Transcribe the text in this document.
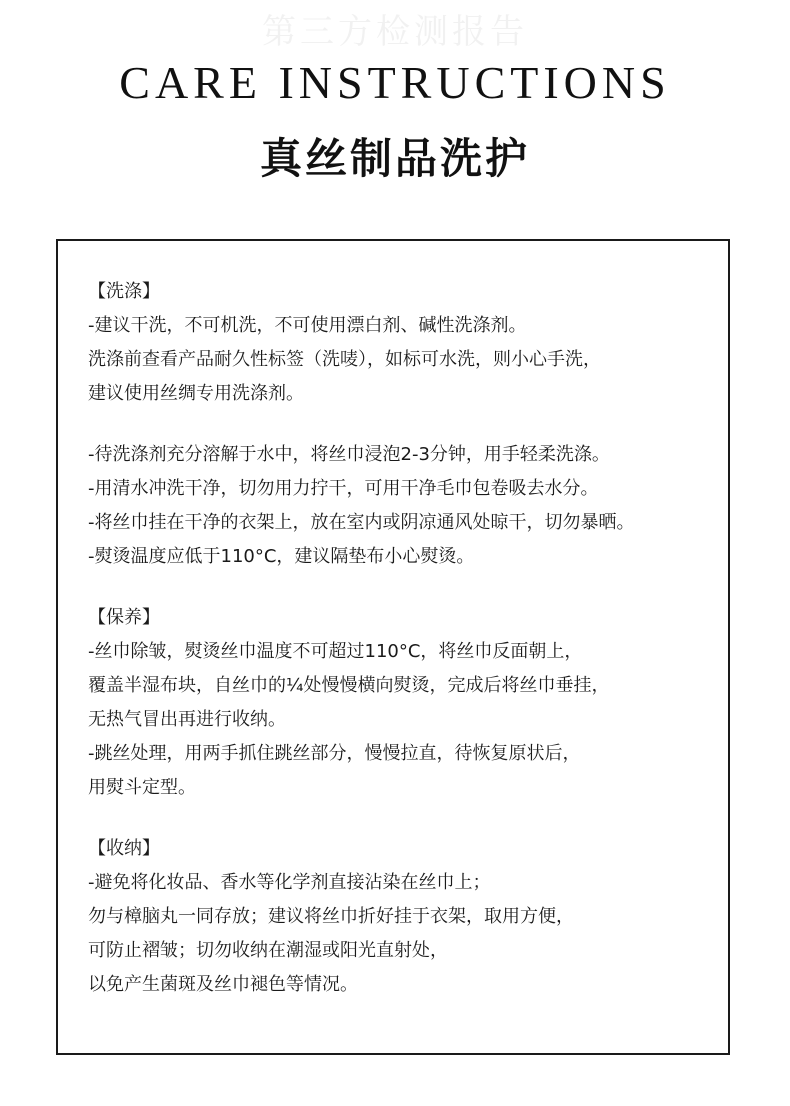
第三方检测报告
CARE INSTRUCTIONS
真丝制品洗护
【洗涤】
-建议干洗，不可机洗，不可使用漂白剂、碱性洗涤剂。
洗涤前查看产品耐久性标签（洗唛），如标可水洗，则小心手洗，
建议使用丝绸专用洗涤剂。
-待洗涤剂充分溶解于水中，将丝巾浸泡2-3分钟，用手轻柔洗涤。
-用清水冲洗干净，切勿用力拧干，可用干净毛巾包卷吸去水分。
-将丝巾挂在干净的衣架上，放在室内或阴凉通风处晾干，切勿暴晒。
-熨烫温度应低于110°C，建议隔垫布小心熨烫。
【保养】
-丝巾除皱，熨烫丝巾温度不可超过110°C，将丝巾反面朝上，
覆盖半湿布块，自丝巾的¼处慢慢横向熨烫，完成后将丝巾垂挂，
无热气冒出再进行收纳。
-跳丝处理，用两手抓住跳丝部分，慢慢拉直，待恢复原状后，
用熨斗定型。
【收纳】
-避免将化妆品、香水等化学剂直接沾染在丝巾上；
勿与樟脑丸一同存放；建议将丝巾折好挂于衣架，取用方便，
可防止褶皱；切勿收纳在潮湿或阳光直射处，
以免产生菌斑及丝巾褪色等情况。
